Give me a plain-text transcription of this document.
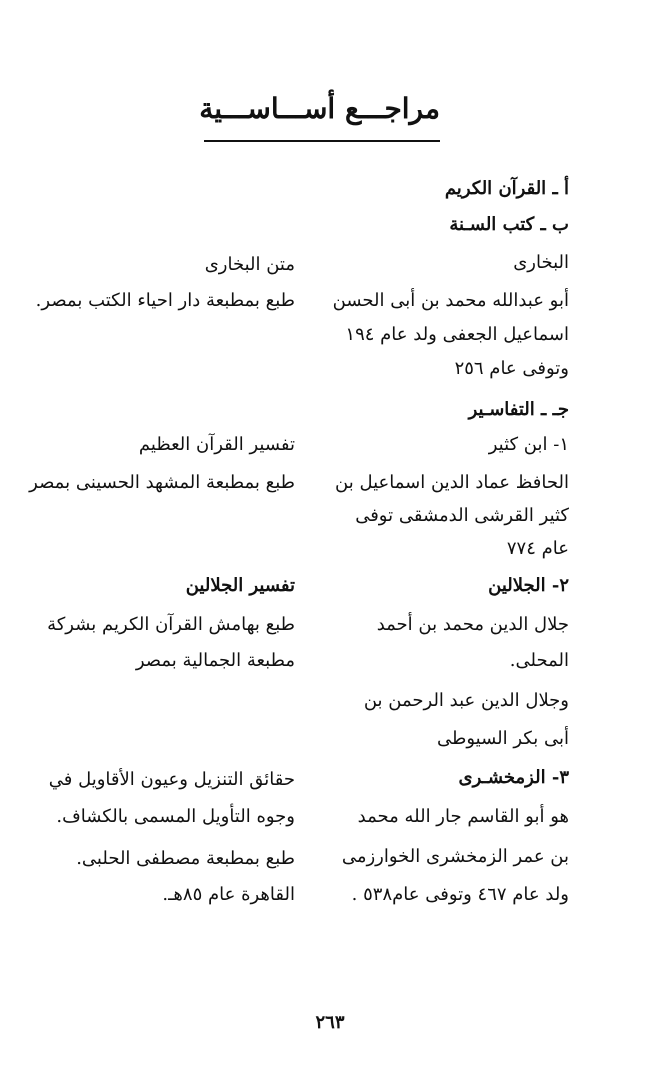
مراجـــع أســـاســـية
أ ـ القرآن الكريم
ب ـ كتب السـنة
البخارى
أبو عبدالله محمد بن أبى الحسن
اسماعيل الجعفى ولد عام ١٩٤
وتوفى عام ٢٥٦
متن البخارى
طبع بمطبعة دار احياء الكتب بمصر.
جـ ـ التفاسـير
١- ابن كثير
الحافظ عماد الدين اسماعيل بن
كثير القرشى الدمشقى توفى
عام ٧٧٤
تفسير القرآن العظيم
طبع بمطبعة المشهد الحسينى بمصر
٢- الجلالين
جلال الدين محمد بن أحمد
المحلى.
وجلال الدين عبد الرحمن بن
أبى بكر السيوطى
تفسير الجلالين
طبع بهامش القرآن الكريم بشركة
مطبعة الجمالية بمصر
٣- الزمخشـرى
هو أبو القاسم جار الله محمد
بن عمر الزمخشرى الخوارزمى
ولد عام ٤٦٧ وتوفى عام٥٣٨ .
حقائق التنزيل وعيون الأقاويل في
وجوه التأويل المسمى بالكشاف.
طبع بمطبعة مصطفى الحلبى.
القاهرة عام ٨٥هـ.
٢٦٣
